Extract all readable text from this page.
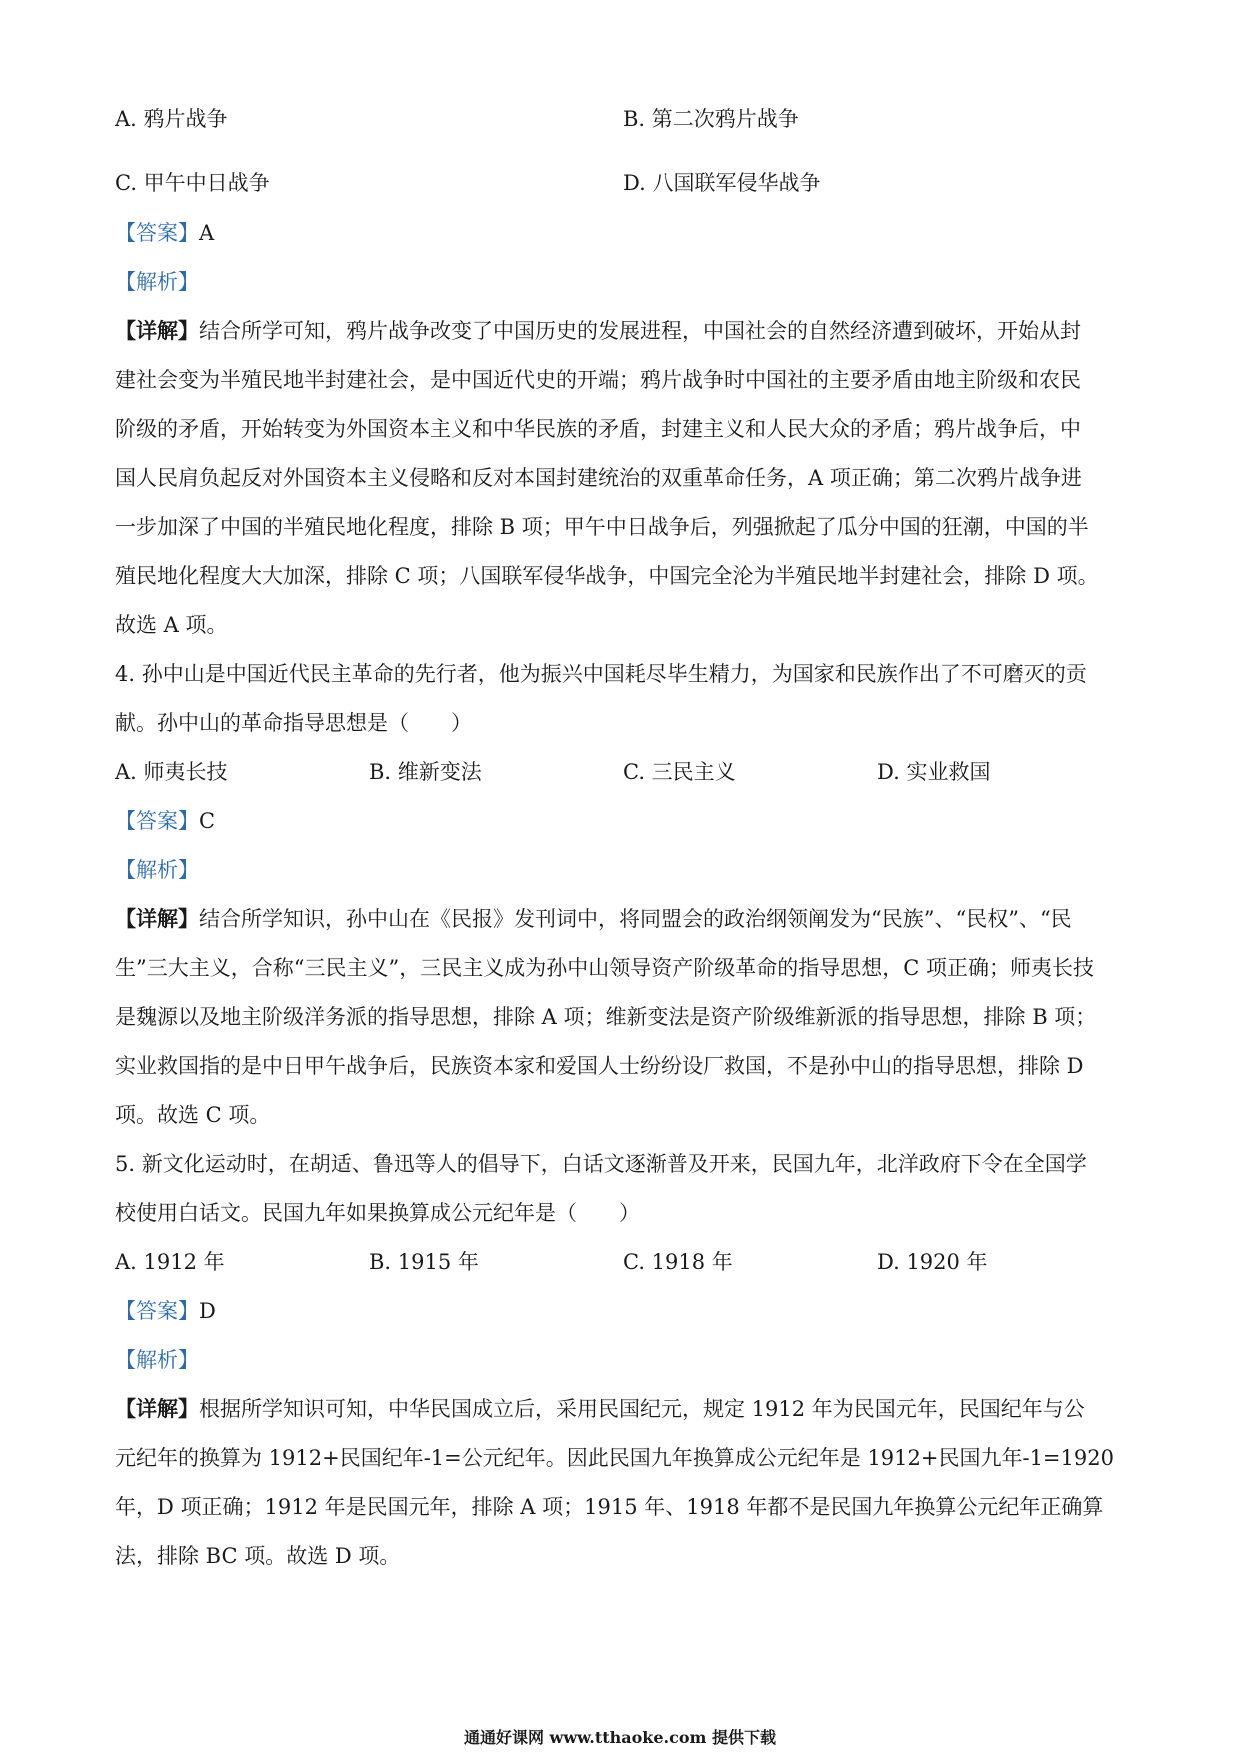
A. 鸦片战争	B. 第二次鸦片战争
C. 甲午中日战争	D. 八国联军侵华战争
【答案】A
【解析】
【详解】结合所学可知，鸦片战争改变了中国历史的发展进程，中国社会的自然经济遭到破坏，开始从封
建社会变为半殖民地半封建社会，是中国近代史的开端；鸦片战争时中国社的主要矛盾由地主阶级和农民
阶级的矛盾，开始转变为外国资本主义和中华民族的矛盾，封建主义和人民大众的矛盾；鸦片战争后，中
国人民肩负起反对外国资本主义侵略和反对本国封建统治的双重革命任务，A 项正确；第二次鸦片战争进
一步加深了中国的半殖民地化程度，排除 B 项；甲午中日战争后，列强掀起了瓜分中国的狂潮，中国的半
殖民地化程度大大加深，排除 C 项；八国联军侵华战争，中国完全沦为半殖民地半封建社会，排除 D 项。
故选 A 项。
4. 孙中山是中国近代民主革命的先行者，他为振兴中国耗尽毕生精力，为国家和民族作出了不可磨灭的贡
献。孙中山的革命指导思想是（　　）
A. 师夷长技	B. 维新变法	C. 三民主义	D. 实业救国
【答案】C
【解析】
【详解】结合所学知识，孙中山在《民报》发刊词中，将同盟会的政治纲领阐发为“民族”、“民权”、“民
生”三大主义，合称“三民主义”，三民主义成为孙中山领导资产阶级革命的指导思想，C 项正确；师夷长技
是魏源以及地主阶级洋务派的指导思想，排除 A 项；维新变法是资产阶级维新派的指导思想，排除 B 项；
实业救国指的是中日甲午战争后，民族资本家和爱国人士纷纷设厂救国，不是孙中山的指导思想，排除 D
项。故选 C 项。
5. 新文化运动时，在胡适、鲁迅等人的倡导下，白话文逐渐普及开来，民国九年，北洋政府下令在全国学
校使用白话文。民国九年如果换算成公元纪年是（　　）
A. 1912 年	B. 1915 年	C. 1918 年	D. 1920 年
【答案】D
【解析】
【详解】根据所学知识可知，中华民国成立后，采用民国纪元，规定 1912 年为民国元年，民国纪年与公
元纪年的换算为 1912+民国纪年-1=公元纪年。因此民国九年换算成公元纪年是 1912+民国九年-1=1920
年，D 项正确；1912 年是民国元年，排除 A 项；1915 年、1918 年都不是民国九年换算公元纪年正确算
法，排除 BC 项。故选 D 项。
通通好课网 www.tthaoke.com 提供下载
